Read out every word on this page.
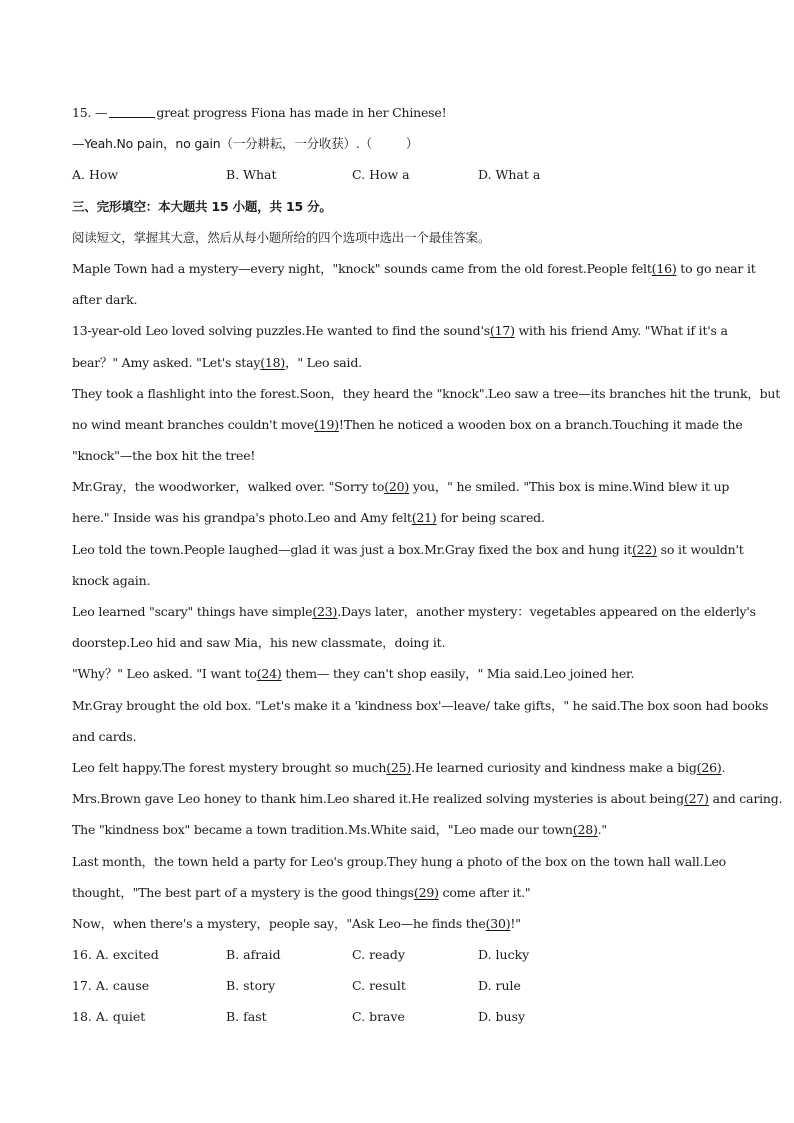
15. —	great progress Fiona has made in her Chinese!
—Yeah.No pain，no gain（一分耕耘，一分收获）.（	）
A. How	B. What	C. How a	D. What a
三、完形填空：本大题共 15 小题，共 15 分。
阅读短文，掌握其大意，然后从每小题所给的四个选项中选出一个最佳答案。
Maple Town had a mystery—every night，"knock" sounds came from the old forest.People felt(16) to go near it
after dark.
13-year-old Leo loved solving puzzles.He wanted to find the sound's(17) with his friend Amy. "What if it's a
bear？" Amy asked. "Let's stay(18)，" Leo said.
They took a flashlight into the forest.Soon，they heard the "knock".Leo saw a tree—its branches hit the trunk，but
no wind meant branches couldn't move(19)!Then he noticed a wooden box on a branch.Touching it made the
"knock"—the box hit the tree!
Mr.Gray，the woodworker，walked over. "Sorry to(20) you，" he smiled. "This box is mine.Wind blew it up
here." Inside was his grandpa's photo.Leo and Amy felt(21) for being scared.
Leo told the town.People laughed—glad it was just a box.Mr.Gray fixed the box and hung it(22) so it wouldn't
knock again.
Leo learned "scary" things have simple(23).Days later，another mystery：vegetables appeared on the elderly's
doorstep.Leo hid and saw Mia，his new classmate，doing it.
"Why？" Leo asked. "I want to(24) them— they can't shop easily，" Mia said.Leo joined her.
Mr.Gray brought the old box. "Let's make it a 'kindness box'—leave/ take gifts，" he said.The box soon had books
and cards.
Leo felt happy.The forest mystery brought so much(25).He learned curiosity and kindness make a big(26).
Mrs.Brown gave Leo honey to thank him.Leo shared it.He realized solving mysteries is about being(27) and caring.
The "kindness box" became a town tradition.Ms.White said，"Leo made our town(28)."
Last month，the town held a party for Leo's group.They hung a photo of the box on the town hall wall.Leo
thought，"The best part of a mystery is the good things(29) come after it."
Now，when there's a mystery，people say，"Ask Leo—he finds the(30)!"
16. A. excited	B. afraid	C. ready	D. lucky
17. A. cause	B. story	C. result	D. rule
18. A. quiet	B. fast	C. brave	D. busy
